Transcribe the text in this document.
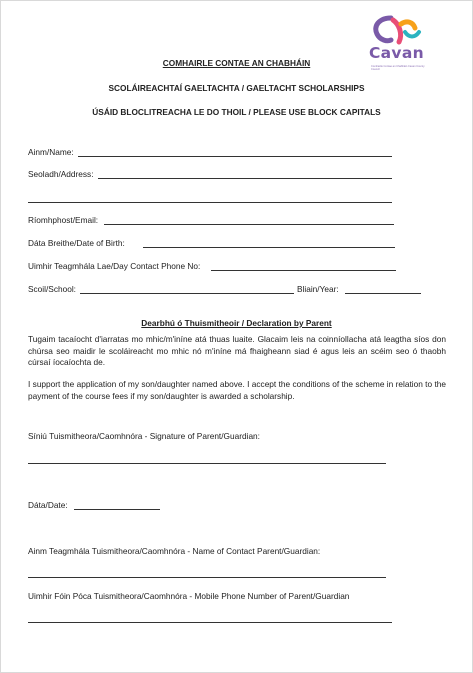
Cavan
Comhairle Contae an Chabháin Cavan County Council
COMHAIRLE CONTAE AN CHABHÁIN
SCOLÁIREACHTAÍ GAELTACHTA / GAELTACHT SCHOLARSHIPS
ÚSÁID BLOCLITREACHA LE DO THOIL / PLEASE USE BLOCK CAPITALS
Ainm/Name:
Seoladh/Address:
Ríomhphost/Email:
Dáta Breithe/Date of Birth:
Uimhir Teagmhála Lae/Day Contact Phone No:
Scoil/School:	Bliain/Year:
Dearbhú ó Thuismitheoir / Declaration by Parent
Tugaim tacaíocht d'iarratas mo mhic/m'iníne atá thuas luaite. Glacaim leis na coinníollacha atá leagtha síos don chúrsa seo maidir le scoláireacht mo mhic nó m'iníne má fhaigheann siad é agus leis an scéim seo ó thaobh cúrsaí íocaíochta de.
I support the application of my son/daughter named above. I accept the conditions of the scheme in relation to the payment of the course fees if my son/daughter is awarded a scholarship.
Síniú Tuismitheora/Caomhnóra - Signature of Parent/Guardian:
Dáta/Date:
Ainm Teagmhála Tuismitheora/Caomhnóra - Name of Contact Parent/Guardian:
Uimhir Fóin Póca Tuismitheora/Caomhnóra - Mobile Phone Number of Parent/Guardian
